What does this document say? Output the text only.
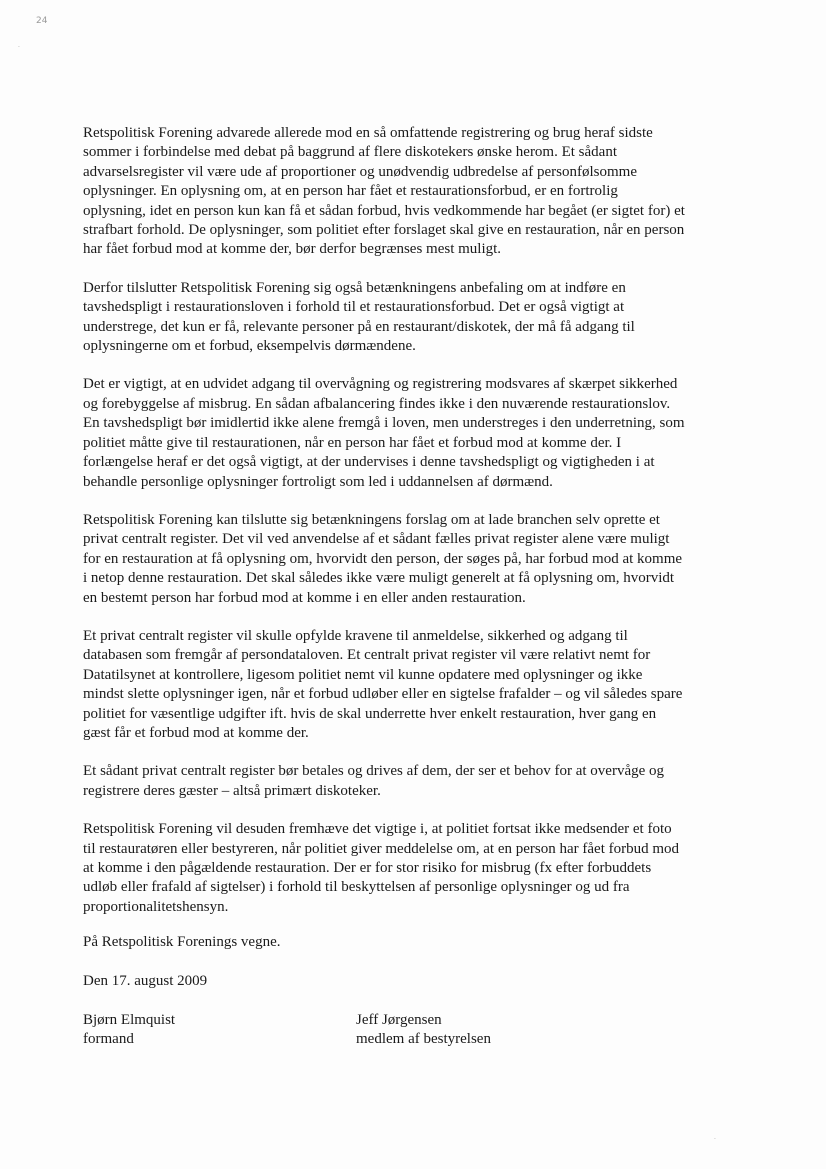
24
·
·

Retspolitisk Forening advarede allerede mod en så omfattende registrering og brug heraf sidste
sommer i forbindelse med debat på baggrund af flere diskotekers ønske herom. Et sådant
advarselsregister vil være ude af proportioner og unødvendig udbredelse af personfølsomme
oplysninger. En oplysning om, at en person har fået et restaurationsforbud, er en fortrolig
oplysning, idet en person kun kan få et sådan forbud, hvis vedkommende har begået (er sigtet for) et
strafbart forhold. De oplysninger, som politiet efter forslaget skal give en restauration, når en person
har fået forbud mod at komme der, bør derfor begrænses mest muligt.

Derfor tilslutter Retspolitisk Forening sig også betænkningens anbefaling om at indføre en
tavshedspligt i restaurationsloven i forhold til et restaurationsforbud. Det er også vigtigt at
understrege, det kun er få, relevante personer på en restaurant/diskotek, der må få adgang til
oplysningerne om et forbud, eksempelvis dørmændene.

Det er vigtigt, at en udvidet adgang til overvågning og registrering modsvares af skærpet sikkerhed
og forebyggelse af misbrug. En sådan afbalancering findes ikke i den nuværende restaurationslov.
En tavshedspligt bør imidlertid ikke alene fremgå i loven, men understreges i den underretning, som
politiet måtte give til restaurationen, når en person har fået et forbud mod at komme der. I
forlængelse heraf er det også vigtigt, at der undervises i denne tavshedspligt og vigtigheden i at
behandle personlige oplysninger fortroligt som led i uddannelsen af dørmænd.

Retspolitisk Forening kan tilslutte sig betænkningens forslag om at lade branchen selv oprette et
privat centralt register. Det vil ved anvendelse af et sådant fælles privat register alene være muligt
for en restauration at få oplysning om, hvorvidt den person, der søges på, har forbud mod at komme
i netop denne restauration. Det skal således ikke være muligt generelt at få oplysning om, hvorvidt
en bestemt person har forbud mod at komme i en eller anden restauration.

Et privat centralt register vil skulle opfylde kravene til anmeldelse, sikkerhed og adgang til
databasen som fremgår af persondataloven. Et centralt privat register vil være relativt nemt for
Datatilsynet at kontrollere, ligesom politiet nemt vil kunne opdatere med oplysninger og ikke
mindst slette oplysninger igen, når et forbud udløber eller en sigtelse frafalder – og vil således spare
politiet for væsentlige udgifter ift. hvis de skal underrette hver enkelt restauration, hver gang en
gæst får et forbud mod at komme der.

Et sådant privat centralt register bør betales og drives af dem, der ser et behov for at overvåge og
registrere deres gæster – altså primært diskoteker.

Retspolitisk Forening vil desuden fremhæve det vigtige i, at politiet fortsat ikke medsender et foto
til restauratøren eller bestyreren, når politiet giver meddelelse om, at en person har fået forbud mod
at komme i den pågældende restauration. Der er for stor risiko for misbrug (fx efter forbuddets
udløb eller frafald af sigtelser) i forhold til beskyttelsen af personlige oplysninger og ud fra
proportionalitetshensyn.

På Retspolitisk Forenings vegne.
Den 17. august 2009
Bjørn Elmquist
formand
Jeff Jørgensen
medlem af bestyrelsen
